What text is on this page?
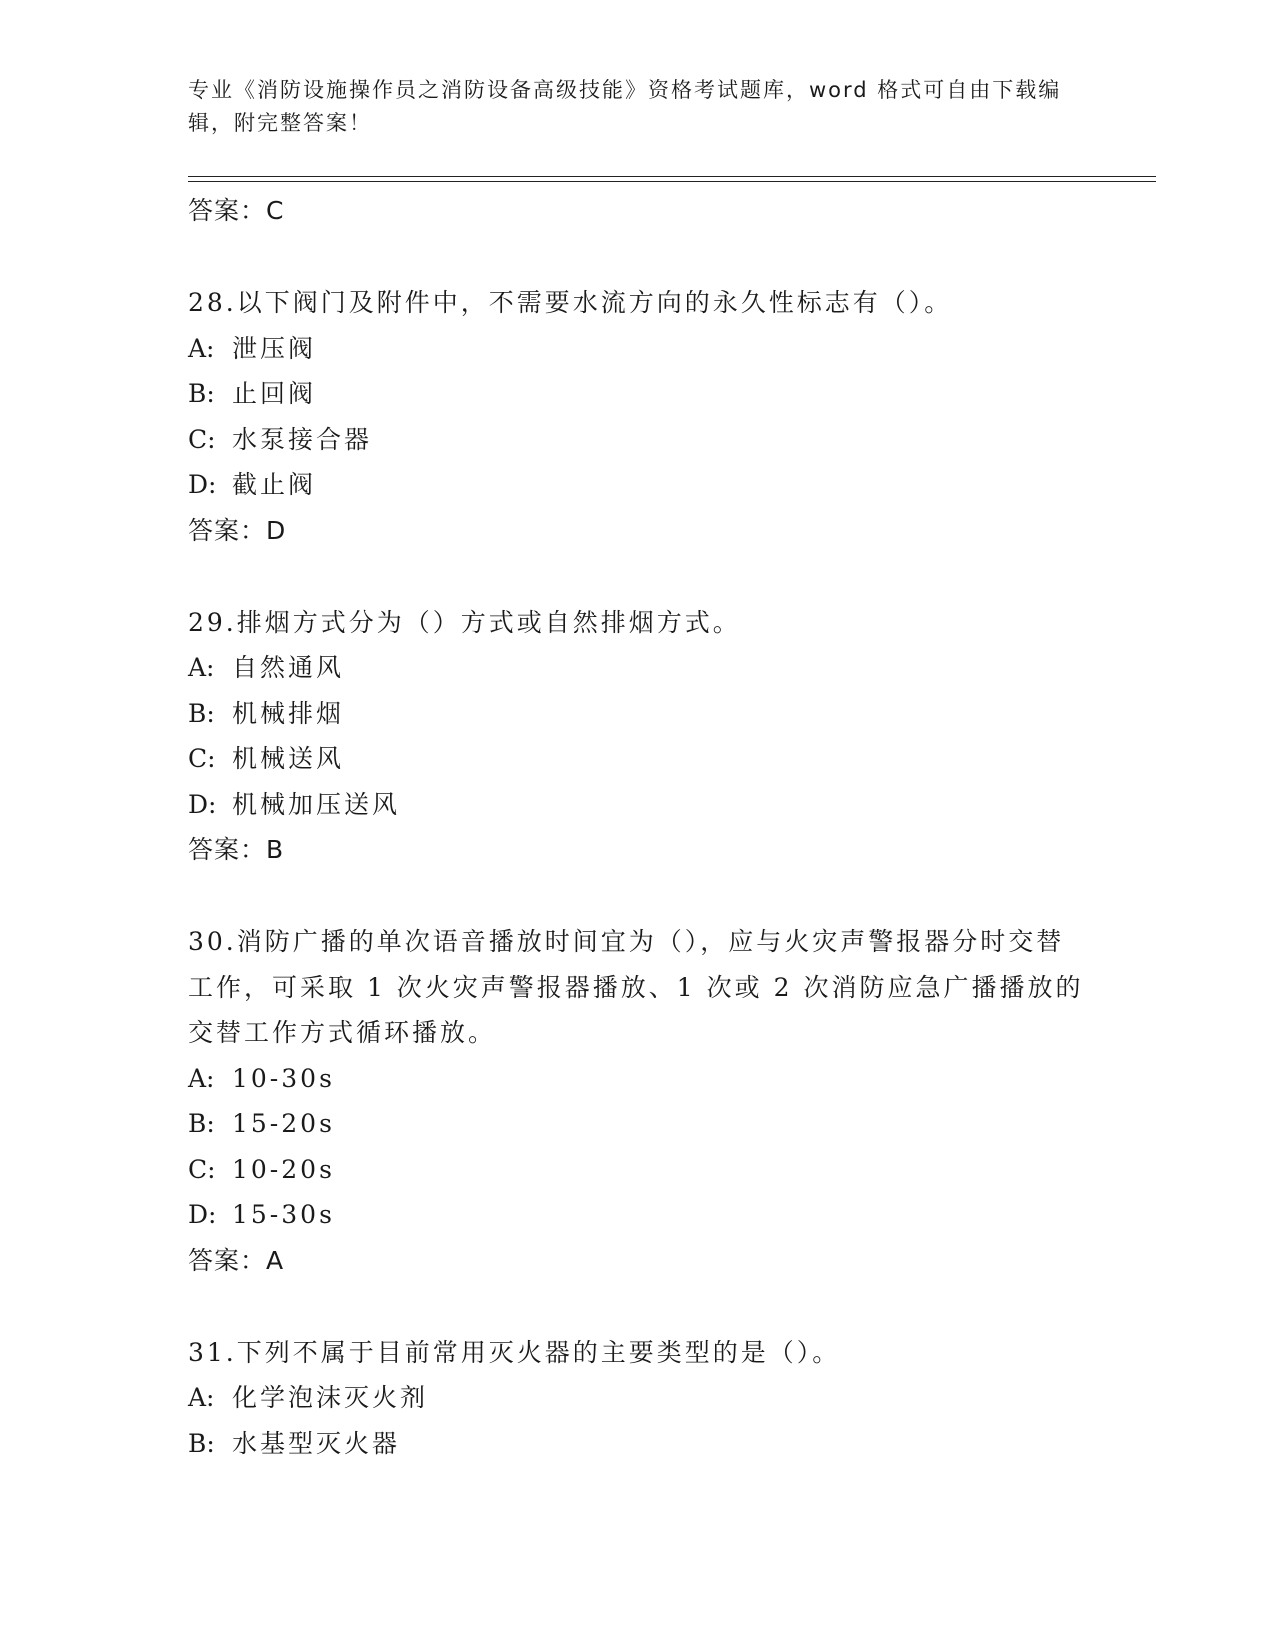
专业《消防设施操作员之消防设备高级技能》资格考试题库，word 格式可自由下载编辑，附完整答案！
答案：C
28.以下阀门及附件中，不需要水流方向的永久性标志有（）。
A: 泄压阀
B: 止回阀
C: 水泵接合器
D: 截止阀
答案：D
29.排烟方式分为（）方式或自然排烟方式。
A: 自然通风
B: 机械排烟
C: 机械送风
D: 机械加压送风
答案：B
30.消防广播的单次语音播放时间宜为（），应与火灾声警报器分时交替工作，可采取 1 次火灾声警报器播放、1 次或 2 次消防应急广播播放的交替工作方式循环播放。
A: 10-30s
B: 15-20s
C: 10-20s
D: 15-30s
答案：A
31.下列不属于目前常用灭火器的主要类型的是（）。
A: 化学泡沫灭火剂
B: 水基型灭火器
